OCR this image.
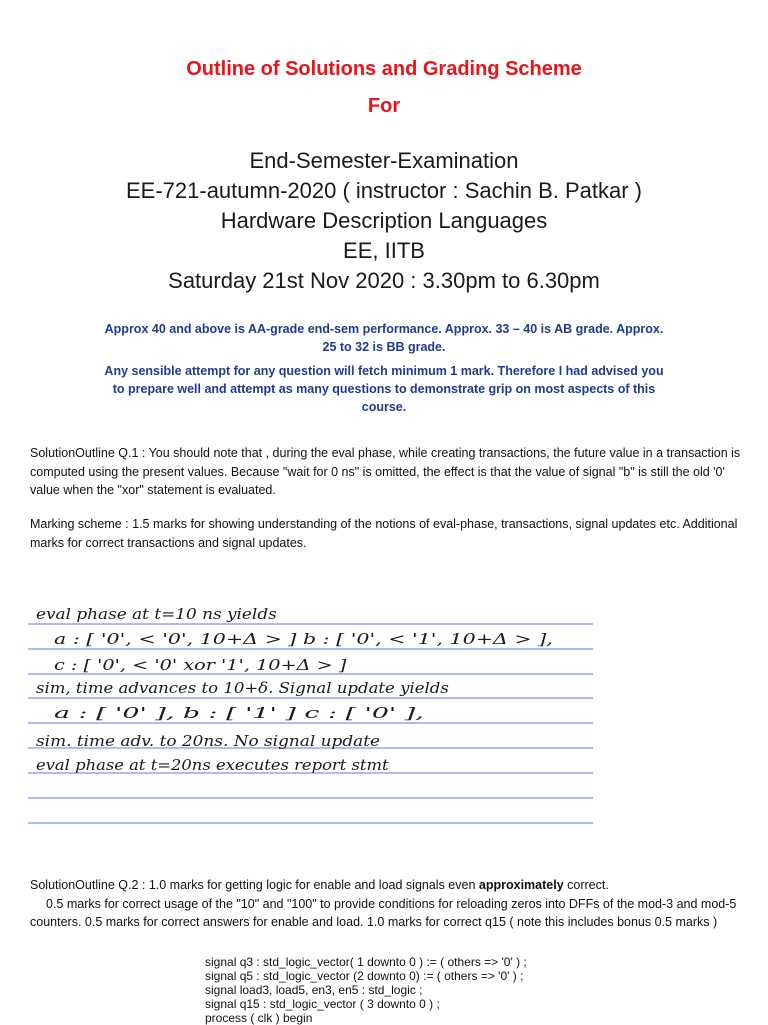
Outline of Solutions and Grading Scheme
For
End-Semester-Examination
EE-721-autumn-2020 ( instructor : Sachin B. Patkar )
Hardware Description Languages
EE, IITB
Saturday 21st Nov 2020 : 3.30pm to 6.30pm
Approx 40 and above is AA-grade end-sem performance. Approx. 33 – 40 is AB grade. Approx. 25 to 32 is BB grade.
Any sensible attempt for any question will fetch minimum 1 mark. Therefore I had advised you to prepare well and attempt as many questions to demonstrate grip on most aspects of this course.
SolutionOutline Q.1 : You should note that , during the eval phase, while creating transactions, the future value in a transaction is computed using the present values. Because "wait for 0 ns" is omitted, the effect is that the value of signal "b" is still the old '0' value when the "xor" statement is evaluated.
Marking scheme : 1.5 marks for showing understanding of the notions of eval-phase, transactions, signal updates etc. Additional marks for correct transactions and signal updates.
eval phase at t=10 ns yields
a : [ '0', < '0', 10+Δ > ] b : [ '0', < '1', 10+Δ > ],
c : [ '0', < '0' xor '1', 10+Δ > ]
sim, time advances to 10+δ. Signal update yields
a : [ '0' ], b : [ '1' ] c : [ '0' ],
sim. time adv. to 20ns. No signal update
eval phase at t=20ns executes report stmt
SolutionOutline Q.2 : 1.0 marks for getting logic for enable and load signals even approximately correct.
0.5 marks for correct usage of the "10" and "100" to provide conditions for reloading zeros into DFFs of the mod-3 and mod-5 counters. 0.5 marks for correct answers for enable and load. 1.0 marks for correct q15 ( note this includes bonus 0.5 marks )
signal q3 : std_logic_vector( 1 downto 0 ) := ( others => '0' ) ;
signal q5 : std_logic_vector (2 downto 0) := ( others => '0' ) ;
signal load3, load5, en3, en5 : std_logic ;
signal q15 : std_logic_vector ( 3 downto 0 ) ;
process ( clk ) begin
